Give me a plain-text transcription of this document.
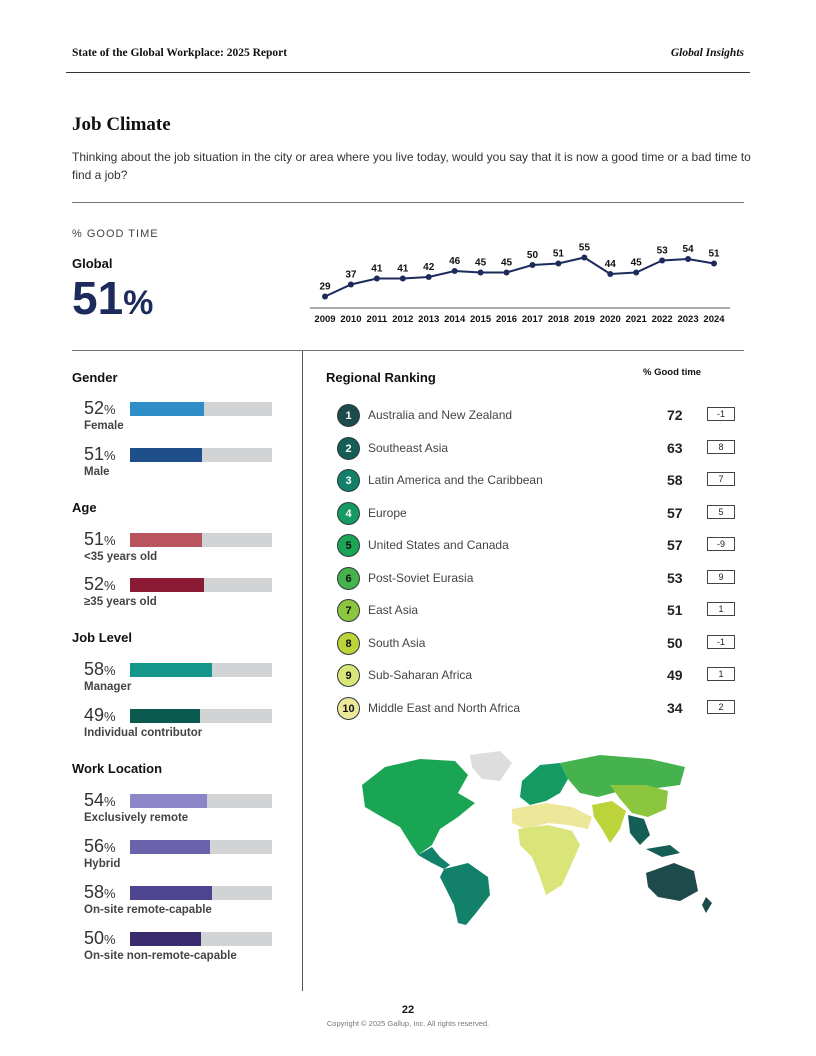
State of the Global Workplace: 2025 Report	Global Insights
Job Climate
Thinking about the job situation in the city or area where you live today, would you say that it is now a good time or a bad time to find a job?
% GOOD TIME
Global
51%	29
2009
37
2010
41
2011
41
2012
42
2013
46
2014
45
2015
45
2016
50
2017
51
2018
55
2019
44
2020
45
2021
53
2022
54
2023
51
2024
Gender
52%
Female
51%
Male
Age
51%
<35 years old
52%
≥35 years old
Job Level
58%
Manager
49%
Individual contributor
Work Location
54%
Exclusively remote
56%
Hybrid
58%
On-site remote-capable
50%
On-site non-remote-capable
Regional Ranking	% Good time
1	Australia and New Zealand	72	-1
2	Southeast Asia	63	8
3	Latin America and the Caribbean	58	7
4	Europe	57	5
5	United States and Canada	57	-9
6	Post-Soviet Eurasia	53	9
7	East Asia	51	1
8	South Asia	50	-1
9	Sub-Saharan Africa	49	1
10	Middle East and North Africa	34	2
22
Copyright © 2025 Gallup, Inc. All rights reserved.
